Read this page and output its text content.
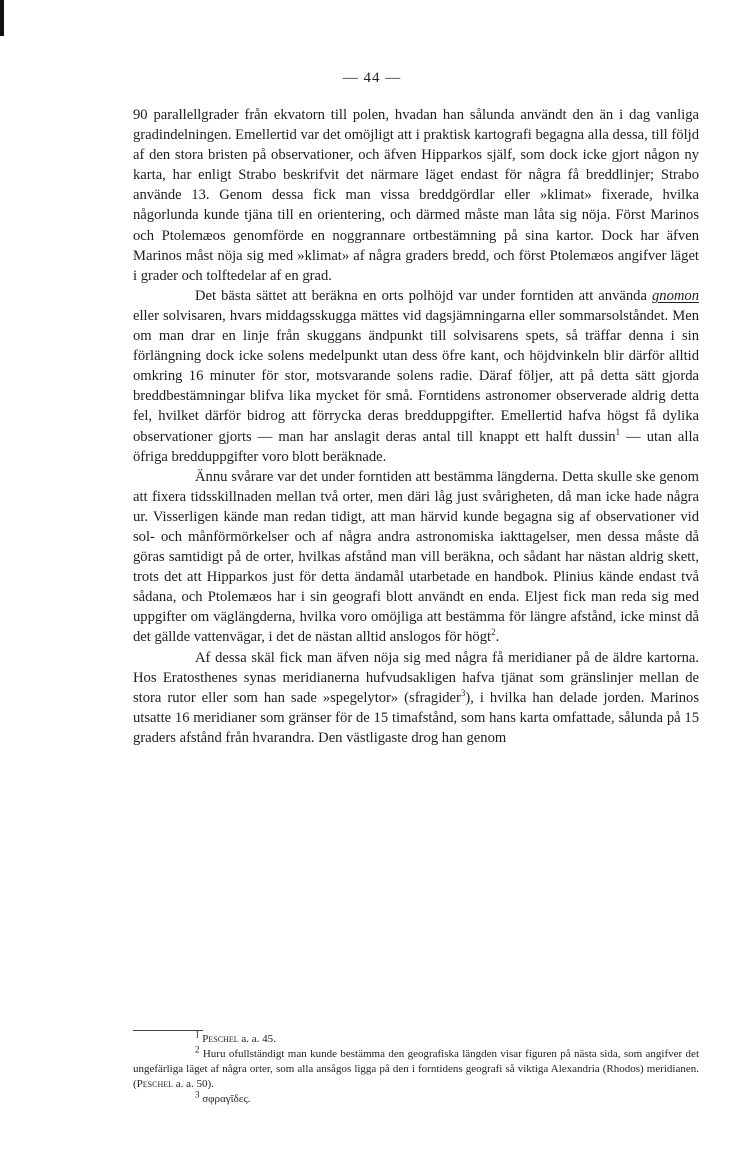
— 44 —

90 parallellgrader från ekvatorn till polen, hvadan han sålunda användt den än i dag vanliga gradindelningen. Emellertid var det omöjligt att i praktisk kartografi begagna alla dessa, till följd af den stora bristen på observationer, och äfven Hipparkos själf, som dock icke gjort någon ny karta, har enligt Strabo beskrifvit det närmare läget endast för några få breddlinjer; Strabo använde 13. Genom dessa fick man vissa breddgördlar eller »klimat» fixerade, hvilka någorlunda kunde tjäna till en orientering, och därmed måste man låta sig nöja. Först Marinos och Ptolemæos genomförde en noggrannare ortbestämning på sina kartor. Dock har äfven Marinos måst nöja sig med »klimat» af några graders bredd, och först Ptolemæos angifver läget i grader och tolftedelar af en grad.

Det bästa sättet att beräkna en orts polhöjd var under forntiden att använda gnomon eller solvisaren, hvars middagsskugga mättes vid dagsjämningarna eller sommarsolståndet. Men om man drar en linje från skuggans ändpunkt till solvisarens spets, så träffar denna i sin förlängning dock icke solens medelpunkt utan dess öfre kant, och höjdvinkeln blir därför alltid omkring 16 minuter för stor, motsvarande solens radie. Däraf följer, att på detta sätt gjorda breddbestämningar blifva lika mycket för små. Forntidens astronomer observerade aldrig detta fel, hvilket därför bidrog att förrycka deras bredduppgifter. Emellertid hafva högst få dylika observationer gjorts — man har anslagit deras antal till knappt ett halft dussin$^1$ — utan alla öfriga bredduppgifter voro blott beräknade.

Ännu svårare var det under forntiden att bestämma längderna. Detta skulle ske genom att fixera tidsskillnaden mellan två orter, men däri låg just svårigheten, då man icke hade några ur. Visserligen kände man redan tidigt, att man härvid kunde begagna sig af observationer vid sol- och månförmörkelser och af några andra astronomiska iakttagelser, men dessa måste då göras samtidigt på de orter, hvilkas afstånd man vill beräkna, och sådant har nästan aldrig skett, trots det att Hipparkos just för detta ändamål utarbetade en handbok. Plinius kände endast två sådana, och Ptolemæos har i sin geografi blott användt en enda. Eljest fick man reda sig med uppgifter om väglängderna, hvilka voro omöjliga att bestämma för längre afstånd, icke minst då det gällde vattenvägar, i det de nästan alltid anslogos för högt$^2$.

Af dessa skäl fick man äfven nöja sig med några få meridianer på de äldre kartorna. Hos Eratosthenes synas meridianerna hufvudsakligen hafva tjänat som gränslinjer mellan de stora rutor eller som han sade »spegelytor» (sfragider$^3$), i hvilka han delade jorden. Marinos utsatte 16 meridianer som gränser för de 15 timafstånd, som hans karta omfattade, sålunda på 15 graders afstånd från hvarandra. Den västligaste drog han genom

$^1$ Peschel a. a. 45.

$^2$ Huru ofullständigt man kunde bestämma den geografiska längden visar figuren på nästa sida, som angifver det ungefärliga läget af några orter, som alla ansågos ligga på den i forntidens geografi så viktiga Alexandria (Rhodos) meridianen. (Peschel a. a. 50).

$^3$ σφραγῖδες.
